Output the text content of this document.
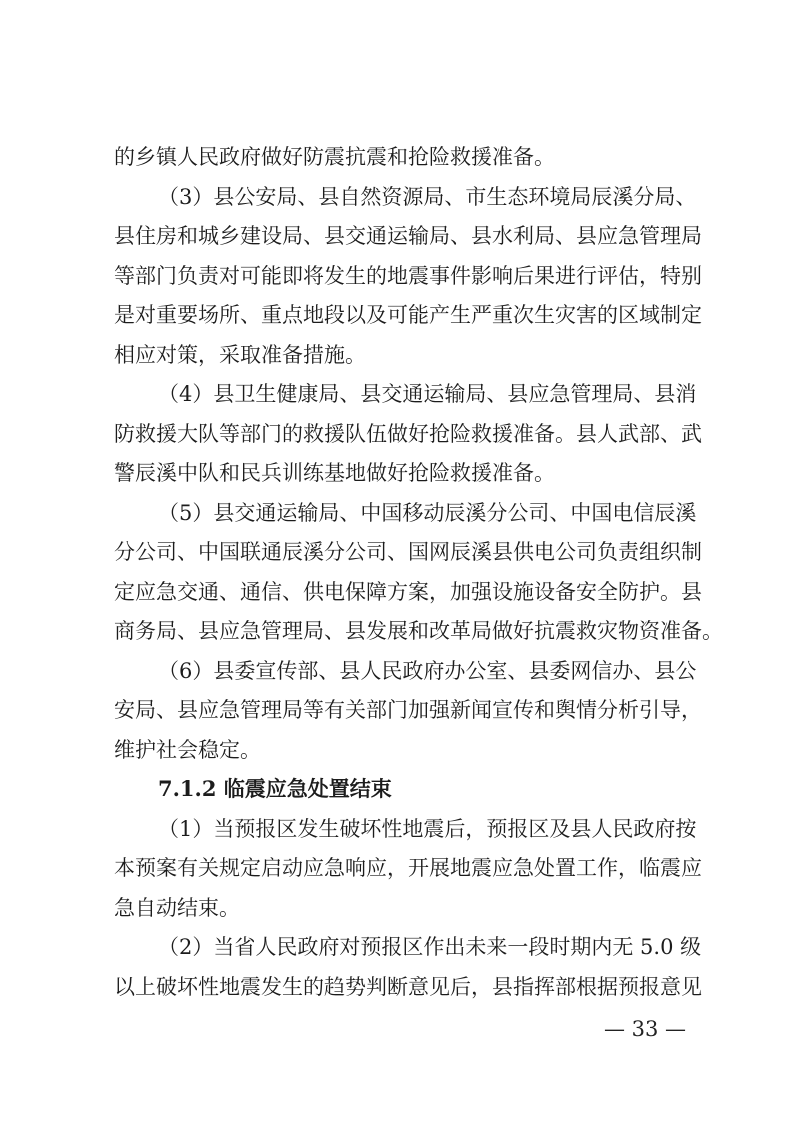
的乡镇人民政府做好防震抗震和抢险救援准备。
（3）县公安局、县自然资源局、市生态环境局辰溪分局、
县住房和城乡建设局、县交通运输局、县水利局、县应急管理局
等部门负责对可能即将发生的地震事件影响后果进行评估，特别
是对重要场所、重点地段以及可能产生严重次生灾害的区域制定
相应对策，采取准备措施。
（4）县卫生健康局、县交通运输局、县应急管理局、县消
防救援大队等部门的救援队伍做好抢险救援准备。县人武部、武
警辰溪中队和民兵训练基地做好抢险救援准备。
（5）县交通运输局、中国移动辰溪分公司、中国电信辰溪
分公司、中国联通辰溪分公司、国网辰溪县供电公司负责组织制
定应急交通、通信、供电保障方案，加强设施设备安全防护。县
商务局、县应急管理局、县发展和改革局做好抗震救灾物资准备。
（6）县委宣传部、县人民政府办公室、县委网信办、县公
安局、县应急管理局等有关部门加强新闻宣传和舆情分析引导，
维护社会稳定。
7.1.2 临震应急处置结束
（1）当预报区发生破坏性地震后，预报区及县人民政府按
本预案有关规定启动应急响应，开展地震应急处置工作，临震应
急自动结束。
（2）当省人民政府对预报区作出未来一段时期内无 5.0 级
以上破坏性地震发生的趋势判断意见后，县指挥部根据预报意见
— 33 —
